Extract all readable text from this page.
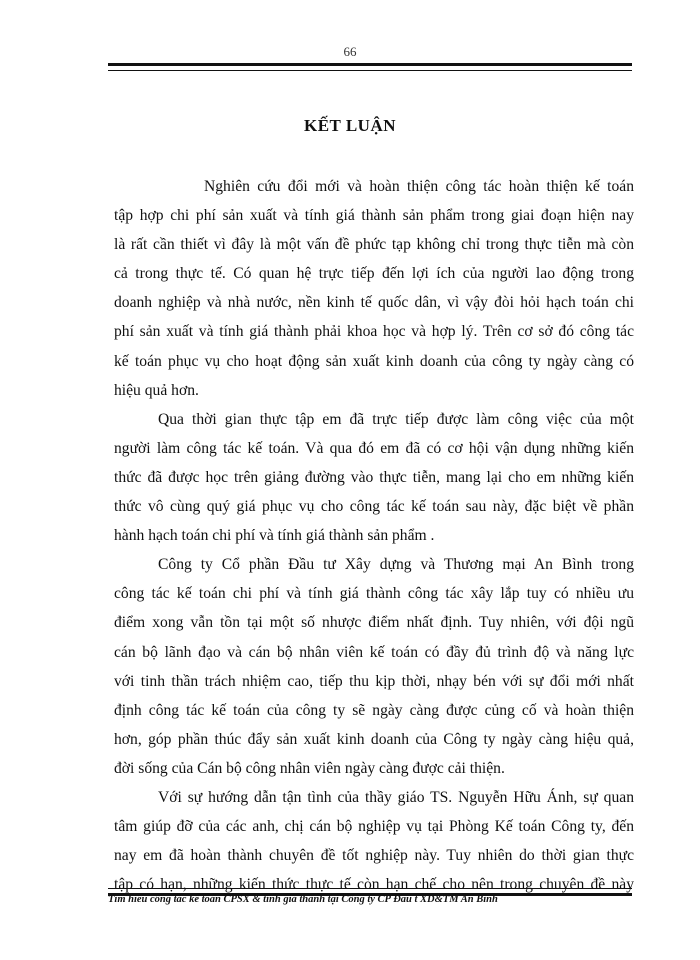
66
KẾT LUẬN
Nghiên cứu đổi mới và hoàn thiện công tác hoàn thiện kế toán
tập hợp chi phí sản xuất và tính giá thành sản phẩm trong giai đoạn hiện nay
là rất cần thiết vì đây là một vấn đề phức tạp không chỉ trong thực tiễn mà còn
cả trong thực tế. Có quan hệ trực tiếp đến lợi ích của người lao động trong
doanh nghiệp và nhà nước, nền kinh tế quốc dân, vì vậy đòi hỏi hạch toán chi
phí sản xuất và tính giá thành phải khoa học và hợp lý. Trên cơ sở đó công tác
kế toán phục vụ cho hoạt động sản xuất kinh doanh của công ty ngày càng có
hiệu quả hơn.
Qua thời gian thực tập em đã trực tiếp được làm công việc của một
người làm công tác kế toán. Và qua đó em đã có cơ hội vận dụng những kiến
thức đã được học trên giảng đường vào thực tiễn, mang lại cho em những kiến
thức vô cùng quý giá phục vụ cho công tác kế toán sau này, đặc biệt về phần
hành hạch toán chi phí và tính giá thành sản phẩm .
Công ty Cổ phần Đầu tư Xây dựng và Thương mại An Bình trong
công tác kế toán chi phí và tính giá thành công tác xây lắp tuy có nhiều ưu
điểm xong vẫn tồn tại một số nhược điểm nhất định. Tuy nhiên, với đội ngũ
cán bộ lãnh đạo và cán bộ nhân viên kế toán có đầy đủ trình độ và năng lực
với tinh thần trách nhiệm cao, tiếp thu kịp thời, nhạy bén với sự đổi mới nhất
định công tác kế toán của công ty sẽ ngày càng được củng cố và hoàn thiện
hơn, góp phần thúc đẩy sản xuất kinh doanh của Công ty ngày càng hiệu quả,
đời sống của Cán bộ công nhân viên ngày càng được cải thiện.
Với sự hướng dẫn tận tình của thầy giáo TS. Nguyễn Hữu Ánh, sự quan
tâm giúp đỡ của các anh, chị cán bộ nghiệp vụ tại Phòng Kế toán Công ty, đến
nay em đã hoàn thành chuyên đề tốt nghiệp này. Tuy nhiên do thời gian thực
tập có hạn, những kiến thức thực tế còn hạn chế cho nên trong chuyên đề này
Tìm hiểu công tác kế toán CPSX & tính giá thành tại Công ty CP Đầu t XD&TM An Bình
